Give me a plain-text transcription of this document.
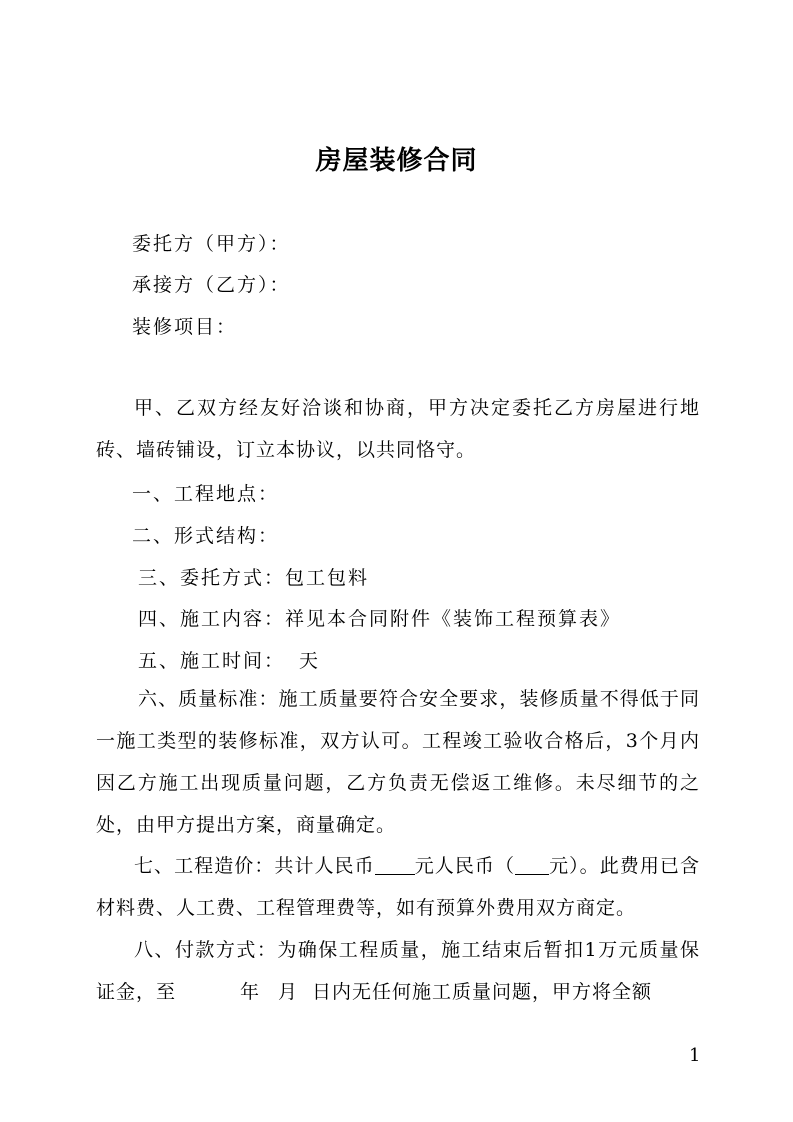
房屋装修合同
委托方（甲方）：
承接方（乙方）：
装修项目：
甲、乙双方经友好洽谈和协商，甲方决定委托乙方房屋进行地砖、墙砖铺设，订立本协议，以共同恪守。
一、工程地点：
二、形式结构：
三、委托方式：包工包料
四、施工内容：祥见本合同附件《装饰工程预算表》
五、施工时间： 天
六、质量标准：施工质量要符合安全要求，装修质量不得低于同一施工类型的装修标准，双方认可。工程竣工验收合格后，3个月内因乙方施工出现质量问题，乙方负责无偿返工维修。未尽细节的之处，由甲方提出方案，商量确定。
七、工程造价：共计人民币 元人民币（ 元）。此费用已含材料费、人工费、工程管理费等，如有预算外费用双方商定。
八、付款方式：为确保工程质量，施工结束后暂扣1万元质量保证金，至	年 月 日内无任何施工质量问题，甲方将全额
1
